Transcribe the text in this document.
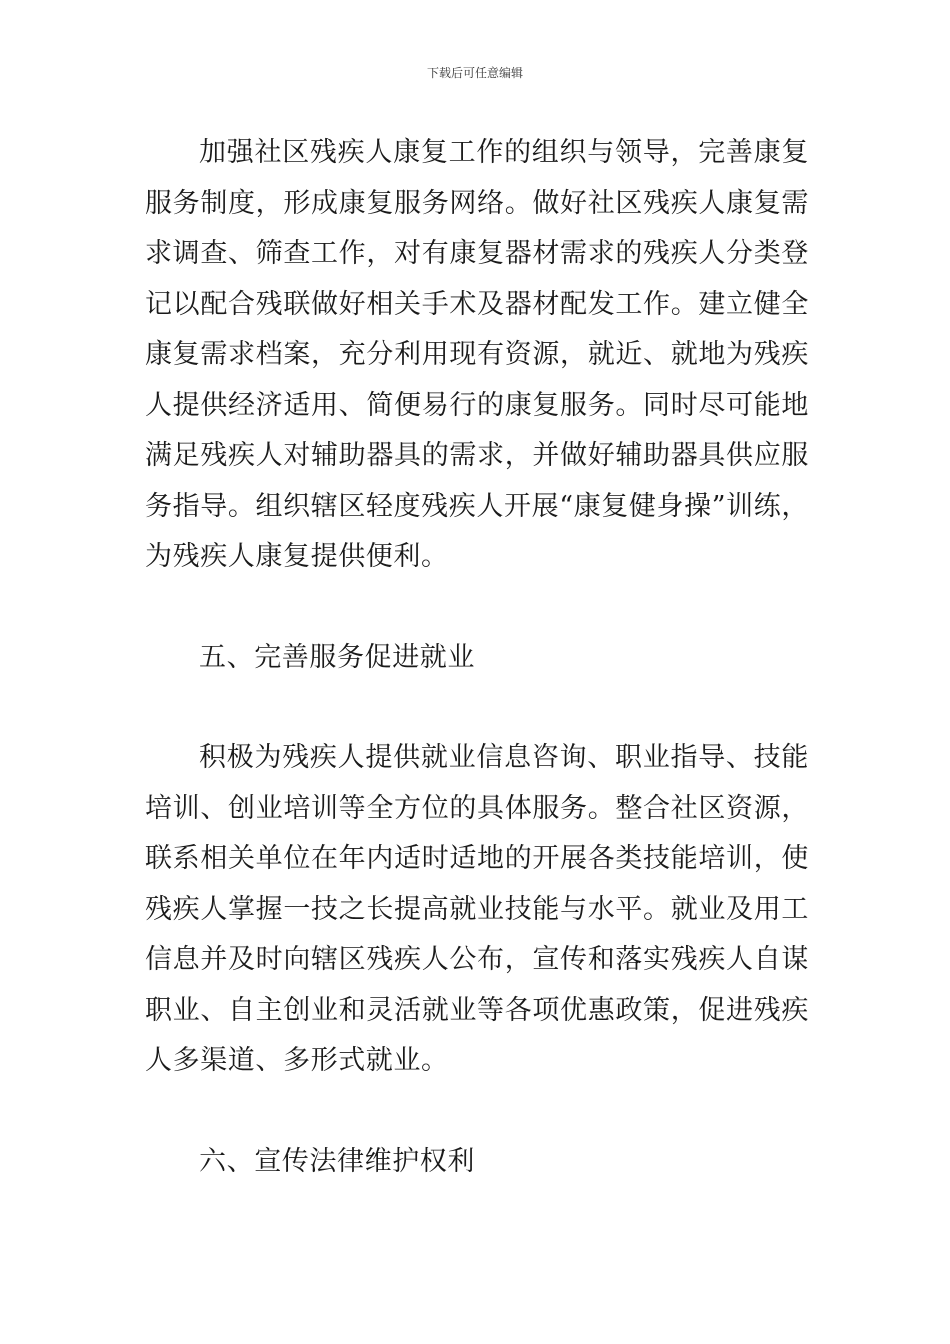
下载后可任意编辑

加强社区残疾人康复工作的组织与领导，完善康复服务制度，形成康复服务网络。做好社区残疾人康复需求调查、筛查工作，对有康复器材需求的残疾人分类登记以配合残联做好相关手术及器材配发工作。建立健全康复需求档案，充分利用现有资源，就近、就地为残疾人提供经济适用、简便易行的康复服务。同时尽可能地满足残疾人对辅助器具的需求，并做好辅助器具供应服务指导。组织辖区轻度残疾人开展“康复健身操”训练，为残疾人康复提供便利。

五、完善服务促进就业

积极为残疾人提供就业信息咨询、职业指导、技能培训、创业培训等全方位的具体服务。整合社区资源，联系相关单位在年内适时适地的开展各类技能培训，使残疾人掌握一技之长提高就业技能与水平。就业及用工信息并及时向辖区残疾人公布，宣传和落实残疾人自谋职业、自主创业和灵活就业等各项优惠政策，促进残疾人多渠道、多形式就业。

六、宣传法律维护权利
